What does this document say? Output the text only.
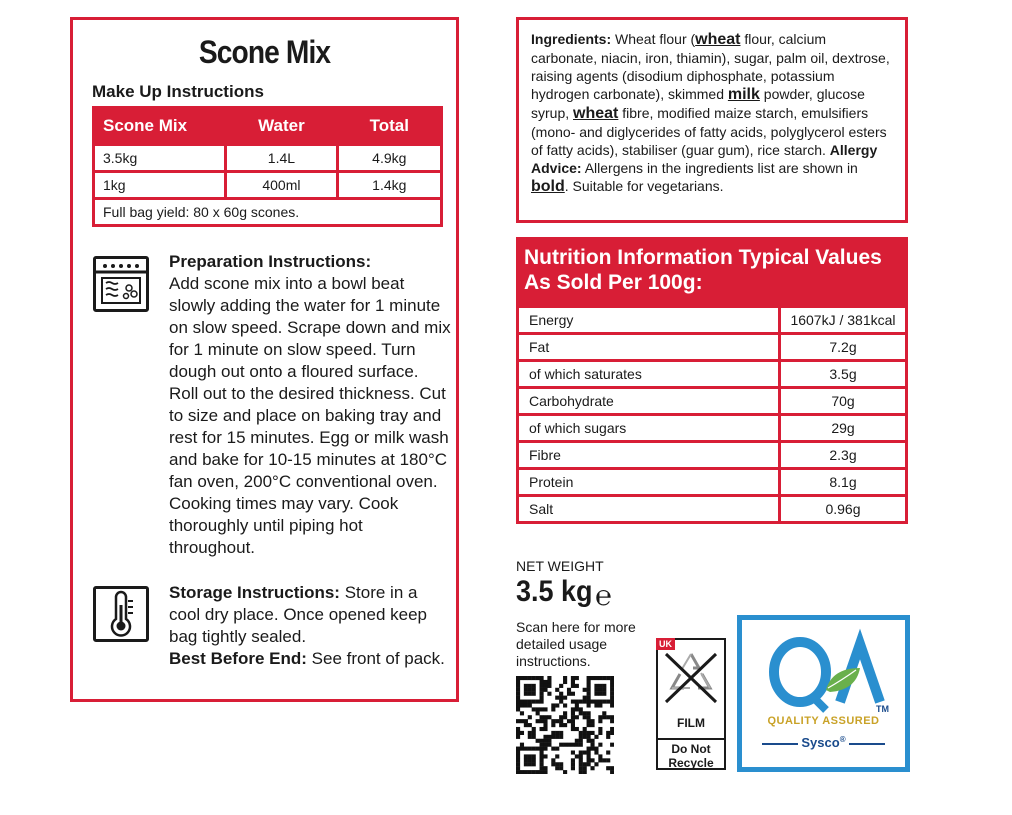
Scone Mix
Make Up Instructions
Scone Mix	Water	Total
3.5kg	1.4L	4.9kg
1kg	400ml	1.4kg
Full bag yield: 80 x 60g scones.		
Preparation Instructions:
Add scone mix into a bowl beat slowly adding the water for 1 minute on slow speed. Scrape down and mix for 1 minute on slow speed. Turn dough out onto a floured surface. Roll out to the desired thickness. Cut to size and place on baking tray and rest for 15 minutes. Egg or milk wash and bake for 10-15 minutes at 180°C fan oven, 200°C conventional oven. Cooking times may vary. Cook thoroughly until piping hot throughout.
Storage Instructions: Store in a cool dry place. Once opened keep bag tightly sealed.
Best Before End: See front of pack.
Ingredients: Wheat flour (wheat flour, calcium carbonate, niacin, iron, thiamin), sugar, palm oil, dextrose, raising agents (disodium diphosphate, potassium hydrogen carbonate), skimmed milk powder, glucose syrup, wheat fibre, modified maize starch, emulsifiers (mono- and diglycerides of fatty acids, polyglycerol esters of fatty acids), stabiliser (guar gum), rice starch. Allergy Advice: Allergens in the ingredients list are shown in bold. Suitable for vegetarians.
Nutrition Information Typical Values As Sold Per 100g:
Energy	1607kJ / 381kcal
Fat	7.2g
of which saturates	3.5g
Carbohydrate	70g
of which sugars	29g
Fibre	2.3g
Protein	8.1g
Salt	0.96g
NET WEIGHT
3.5 kg ℮
Scan here for more detailed usage instructions.
UK
FILM
Do Not Recycle
TM
QUALITY ASSURED
Sysco®
